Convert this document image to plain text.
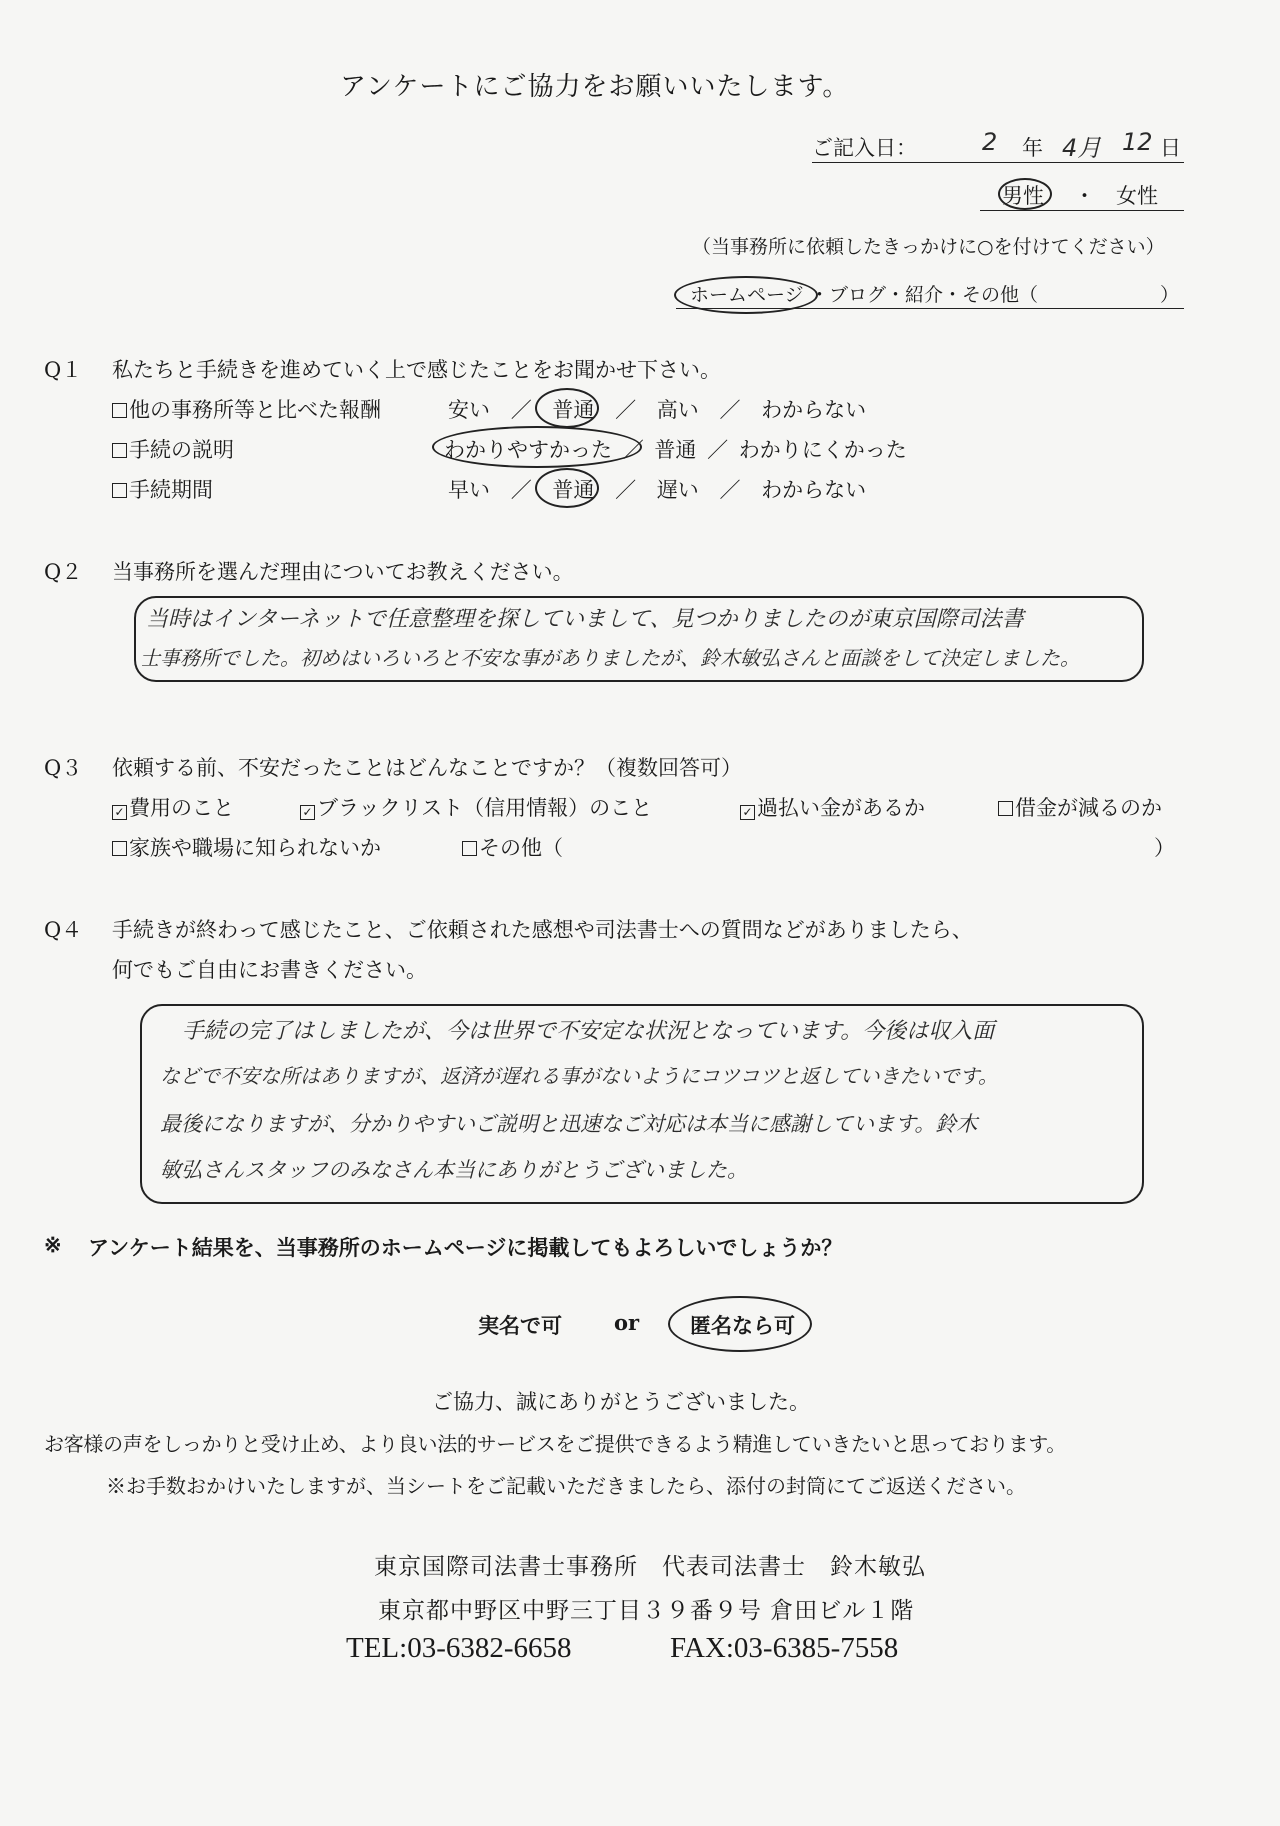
アンケートにご協力をお願いいたします。
ご記入日：	2 年 4月 12 日
男性 ・ 女性
（当事務所に依頼したきっかけに○を付けてください）
ホームページ ・ブログ・紹介・その他（	）
Q１ 私たちと手続きを進めていく上で感じたことをお聞かせ下さい。
他の事務所等と比べた報酬	安い ／ 普通 ／ 高い ／ わからない
手続の説明	わかりやすかった ／ 普通 ／ わかりにくかった
手続期間	早い ／ 普通 ／ 遅い ／ わからない
Q２ 当事務所を選んだ理由についてお教えください。
当時はインターネットで任意整理を探していまして、見つかりましたのが東京国際司法書
士事務所でした。初めはいろいろと不安な事がありましたが、鈴木敏弘さんと面談をして決定しました。
Q３ 依頼する前、不安だったことはどんなことですか？（複数回答可）
✓ 費用のこと	✓ ブラックリスト（信用情報）のこと	✓ 過払い金があるか	借金が減るのか
家族や職場に知られないか	その他（	）
Q４ 手続きが終わって感じたこと、ご依頼された感想や司法書士への質問などがありましたら、
何でもご自由にお書きください。
手続の完了はしましたが、今は世界で不安定な状況となっています。今後は収入面
などで不安な所はありますが、返済が遅れる事がないようにコツコツと返していきたいです。
最後になりますが、分かりやすいご説明と迅速なご対応は本当に感謝しています。鈴木
敏弘さんスタッフのみなさん本当にありがとうございました。
※ アンケート結果を、当事務所のホームページに掲載してもよろしいでしょうか？
実名で可 or 匿名なら可
ご協力、誠にありがとうございました。
お客様の声をしっかりと受け止め、より良い法的サービスをご提供できるよう精進していきたいと思っております。
※お手数おかけいたしますが、当シートをご記載いただきましたら、添付の封筒にてご返送ください。
東京国際司法書士事務所　代表司法書士　鈴木敏弘
東京都中野区中野三丁目３９番９号 倉田ビル１階
TEL:03-6382-6658	FAX:03-6385-7558
